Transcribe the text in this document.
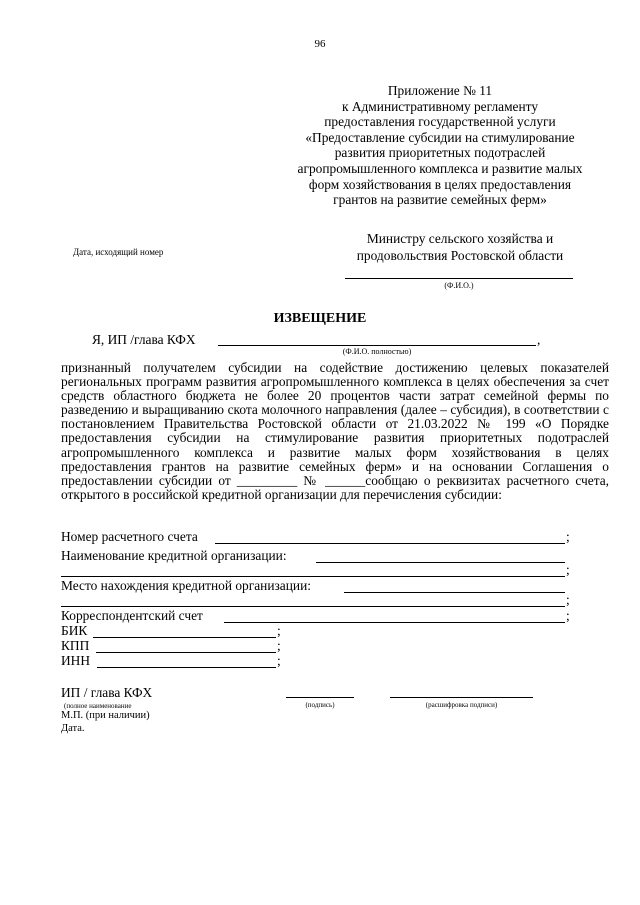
96
Приложение № 11
к Административному регламенту
предоставления государственной услуги
«Предоставление субсидии на стимулирование
развития приоритетных подотраслей
агропромышленного комплекса и развитие малых
форм хозяйствования в целях предоставления
грантов на развитие семейных ферм»
Дата, исходящий номер
Министру сельского хозяйства и
продовольствия Ростовской области
(Ф.И.О.)
ИЗВЕЩЕНИЕ
Я, ИП /глава КФХ	,
(Ф.И.О. полностью)
признанный получателем субсидии на содействие достижению целевых показателей региональных программ развития агропромышленного комплекса в целях обеспечения за счет средств областного бюджета не более 20 процентов части затрат семейной фермы по разведению и выращиванию скота молочного направления (далее – субсидия), в соответствии с постановлением Правительства Ростовской области от 21.03.2022 № 199 «О Порядке предоставления субсидии на стимулирование развития приоритетных подотраслей агропромышленного комплекса и развитие малых форм хозяйствования в целях предоставления грантов на развитие семейных ферм» и на основании Соглашения о предоставлении субсидии от _________ № ______сообщаю о реквизитах расчетного счета, открытого в российской кредитной организации для перечисления субсидии:
Номер расчетного счета	;
Наименование кредитной организации:
;
Место нахождения кредитной организации:
;
Корреспондентский счет	;
БИК	;
КПП	;
ИНН	;
ИП / глава КФХ
(полное наименование	(подпись)	(расшифровка подписи)
М.П. (при наличии)
Дата.
